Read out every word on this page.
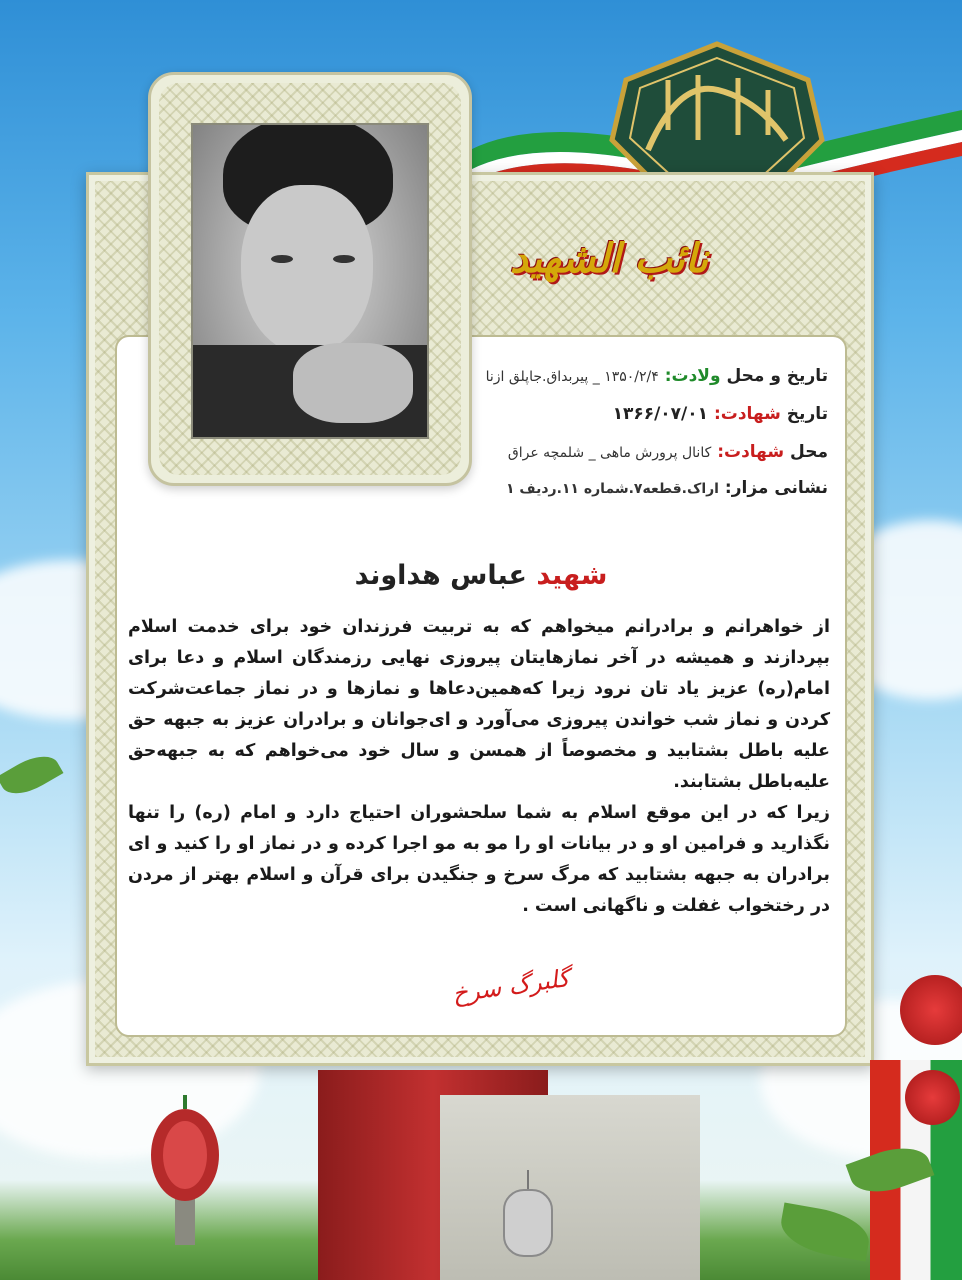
نائب الشهید
تاریخ و محل ولادت: ۱۳۵۰/۲/۴ _ پیربداق.جاپلق ازنا
تاریخ شهادت: ۱۳۶۶/۰۷/۰۱
محل شهادت: کانال پرورش ماهی _ شلمچه عراق
نشانی مزار: اراک.قطعه۷.شماره ۱۱.ردیف ۱
شهید عباس هداوند

از خواهرانم و برادرانم میخواهم که به تربیت فرزندان خود برای خدمت اسلام بپردازند و همیشه در آخر نمازهایتان پیروزی نهایی رزمندگان اسلام و دعا برای امام(ره) عزیز یاد تان نرود زیرا که‌همین‌دعاها و نمازها و در نماز جماعت‌شرکت کردن و نماز شب خواندن پیروزی می‌آورد و ای‌جوانان و برادران عزیز به جبهه حق علیه باطل بشتابید و مخصوصاً از همسن و سال خود می‌خواهم که به جبهه‌حق علیه‌باطل بشتابند.

زیرا که در این موقع اسلام به شما سلحشوران احتیاج دارد و امام (ره) را تنها نگذارید و فرامین او و در بیانات او را مو به مو اجرا کرده و در نماز او را کنید و ای برادران به جبهه بشتابید که مرگ سرخ و جنگیدن برای قرآن و اسلام بهتر از مردن در رختخواب غفلت و ناگهانی است .

گلبرگ سرخ
